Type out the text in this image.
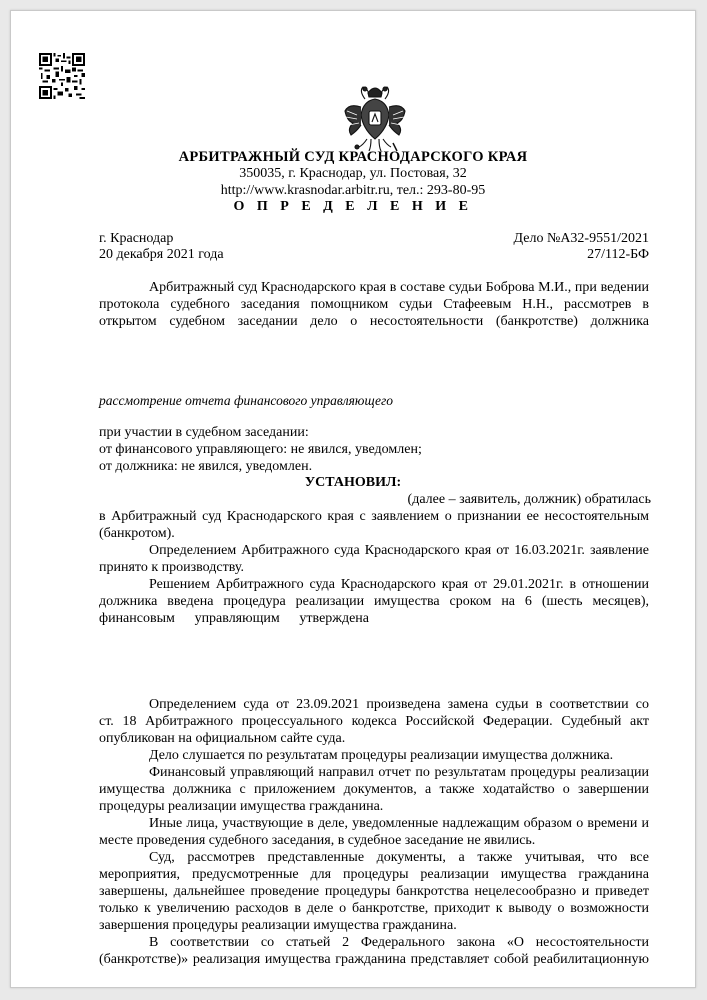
АРБИТРАЖНЫЙ СУД КРАСНОДАРСКОГО КРАЯ
350035, г. Краснодар, ул. Постовая, 32
http://www.krasnodar.arbitr.ru, тел.: 293-80-95
О П Р Е Д Е Л Е Н И Е
г. Краснодар
20 декабря 2021 года
Дело №А32-9551/2021
27/112-БФ
Арбитражный суд Краснодарского края в составе судьи Боброва М.И., при ведении
протокола судебного заседания помощником судьи Стафеевым Н.Н., рассмотрев в
открытом судебном заседании дело о несостоятельности (банкротстве) должника
рассмотрение отчета финансового управляющего
при участии в судебном заседании:
от финансового управляющего: не явился, уведомлен;
от должника: не явился, уведомлен.
УСТАНОВИЛ:
(далее – заявитель, должник) обратилась
в Арбитражный суд Краснодарского края с заявлением о признании ее несостоятельным
(банкротом).
Определением Арбитражного суда Краснодарского края от 16.03.2021г. заявление
принято к производству.
Решением Арбитражного суда Краснодарского края от 29.01.2021г. в отношении
должника введена процедура реализации имущества сроком на 6 (шесть месяцев),
финансовым управляющим утверждена
Определением суда от 23.09.2021 произведена замена судьи в соответствии со
ст. 18 Арбитражного процессуального кодекса Российской Федерации. Судебный акт
опубликован на официальном сайте суда.
Дело слушается по результатам процедуры реализации имущества должника.
Финансовый управляющий направил отчет по результатам процедуры реализации
имущества должника с приложением документов, а также ходатайство о завершении
процедуры реализации имущества гражданина.
Иные лица, участвующие в деле, уведомленные надлежащим образом о времени и
месте проведения судебного заседания, в судебное заседание не явились.
Суд, рассмотрев представленные документы, а также учитывая, что все
мероприятия, предусмотренные для процедуры реализации имущества гражданина
завершены, дальнейшее проведение процедуры банкротства нецелесообразно и приведет
только к увеличению расходов в деле о банкротстве, приходит к выводу о возможности
завершения процедуры реализации имущества гражданина.
В соответствии со статьей 2 Федерального закона «О несостоятельности
(банкротстве)» реализация имущества гражданина представляет собой реабилитационную
